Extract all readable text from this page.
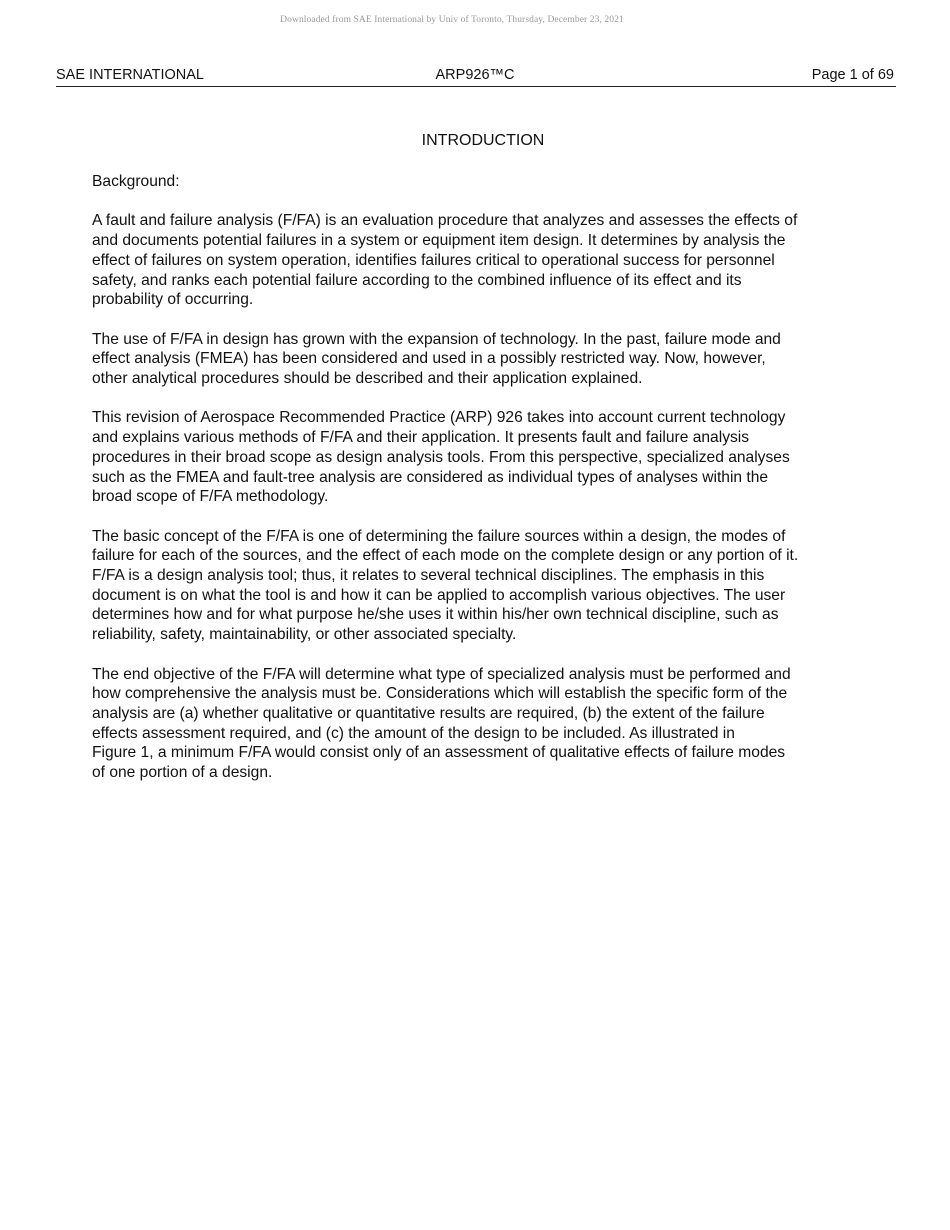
Downloaded from SAE International by Univ of Toronto, Thursday, December 23, 2021
SAE INTERNATIONAL	ARP926™C	Page 1 of 69
INTRODUCTION

Background:

A fault and failure analysis (F/FA) is an evaluation procedure that analyzes and assesses the effects of
and documents potential failures in a system or equipment item design. It determines by analysis the
effect of failures on system operation, identifies failures critical to operational success for personnel
safety, and ranks each potential failure according to the combined influence of its effect and its
probability of occurring.

The use of F/FA in design has grown with the expansion of technology. In the past, failure mode and
effect analysis (FMEA) has been considered and used in a possibly restricted way. Now, however,
other analytical procedures should be described and their application explained.

This revision of Aerospace Recommended Practice (ARP) 926 takes into account current technology
and explains various methods of F/FA and their application. It presents fault and failure analysis
procedures in their broad scope as design analysis tools. From this perspective, specialized analyses
such as the FMEA and fault-tree analysis are considered as individual types of analyses within the
broad scope of F/FA methodology.

The basic concept of the F/FA is one of determining the failure sources within a design, the modes of
failure for each of the sources, and the effect of each mode on the complete design or any portion of it.
F/FA is a design analysis tool; thus, it relates to several technical disciplines. The emphasis in this
document is on what the tool is and how it can be applied to accomplish various objectives. The user
determines how and for what purpose he/she uses it within his/her own technical discipline, such as
reliability, safety, maintainability, or other associated specialty.

The end objective of the F/FA will determine what type of specialized analysis must be performed and
how comprehensive the analysis must be. Considerations which will establish the specific form of the
analysis are (a) whether qualitative or quantitative results are required, (b) the extent of the failure
effects assessment required, and (c) the amount of the design to be included. As illustrated in
Figure 1, a minimum F/FA would consist only of an assessment of qualitative effects of failure modes
of one portion of a design.
